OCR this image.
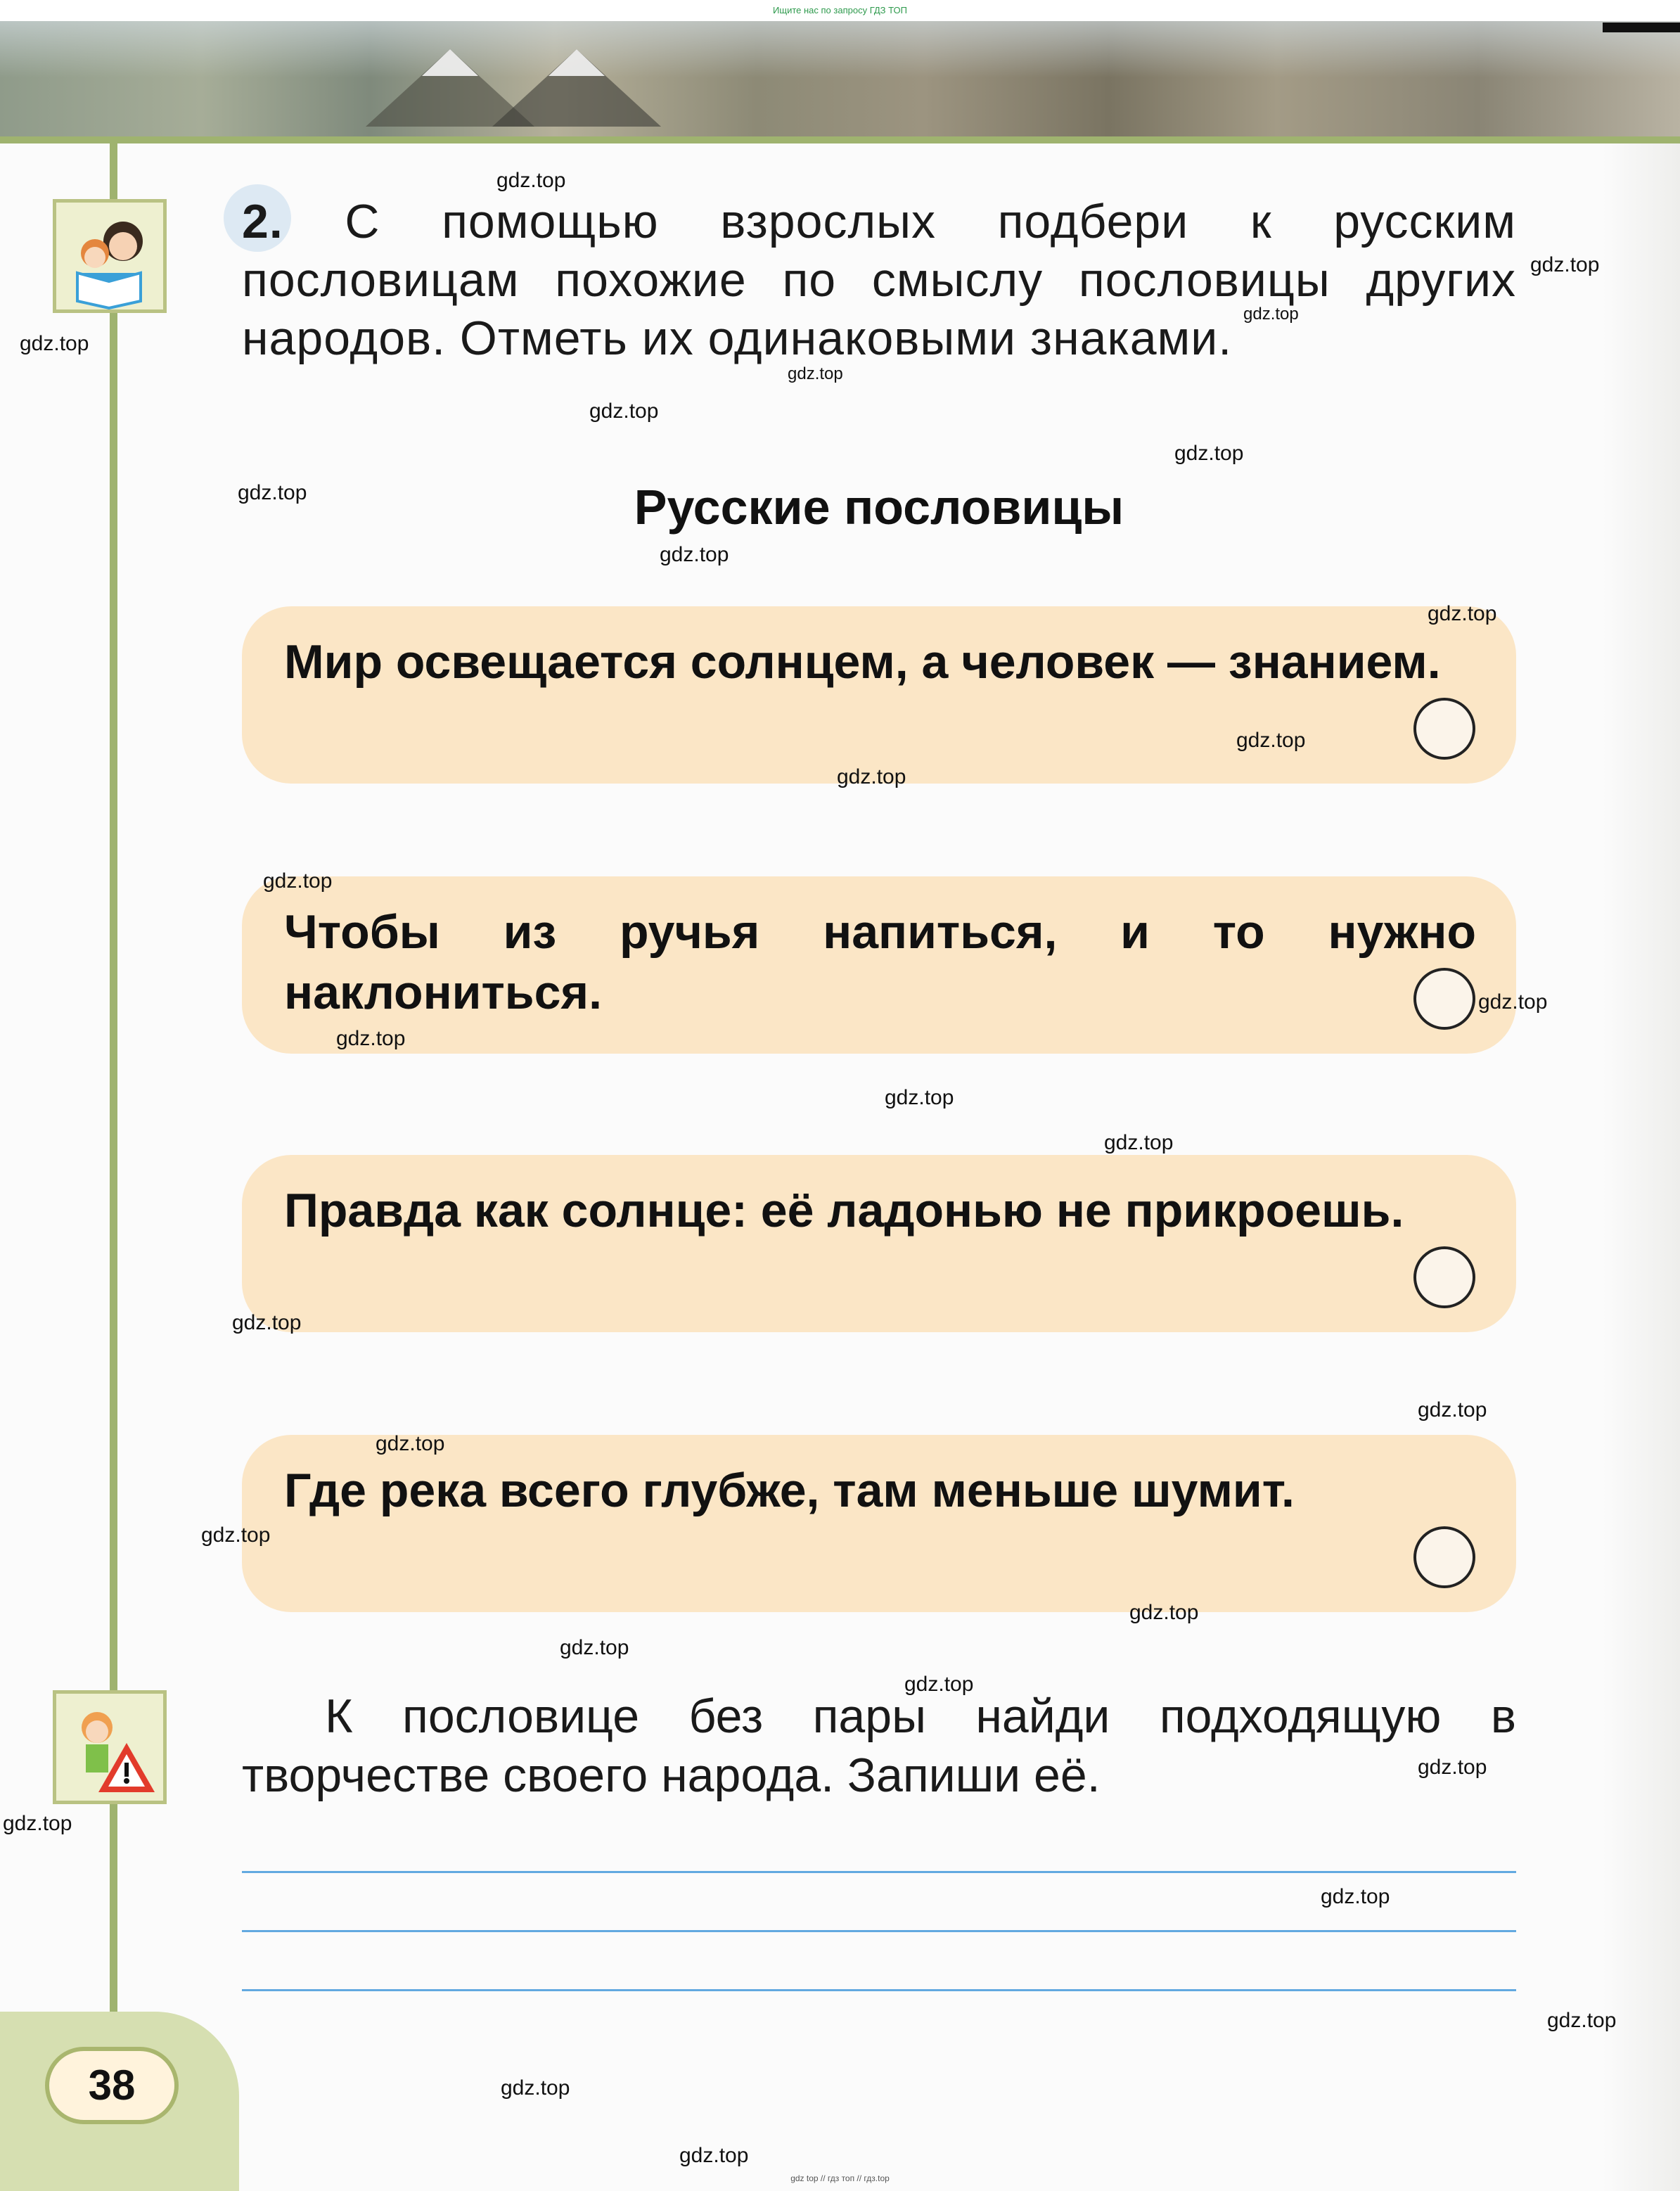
Ищите нас по запросу ГДЗ ТОП
2. С помощью взрослых подбери к русским пословицам похожие по смыслу пословицы других народов. Отметь их одинаковыми знаками.
Русские пословицы
Мир освещается солнцем, а человек — знанием.
Чтобы из ручья напиться, и то нужно наклониться.
Правда как солнце: её ладонью не прикроешь.
Где река всего глубже, там меньше шумит.
К пословице без пары найди подходящую в творчестве своего народа. Запиши её.
38
gdz.top
gdz.top
gdz.top
gdz.top
gdz.top
gdz.top
gdz.top
gdz.top
gdz.top
gdz.top
gdz.top
gdz.top
gdz.top
gdz.top
gdz.top
gdz.top
gdz.top
gdz.top
gdz.top
gdz.top
gdz.top
gdz.top
gdz.top
gdz.top
gdz.top
gdz.top
gdz.top
gdz top // гдз топ // гдз.top
gdz.top
gdz.top
gdz.top
